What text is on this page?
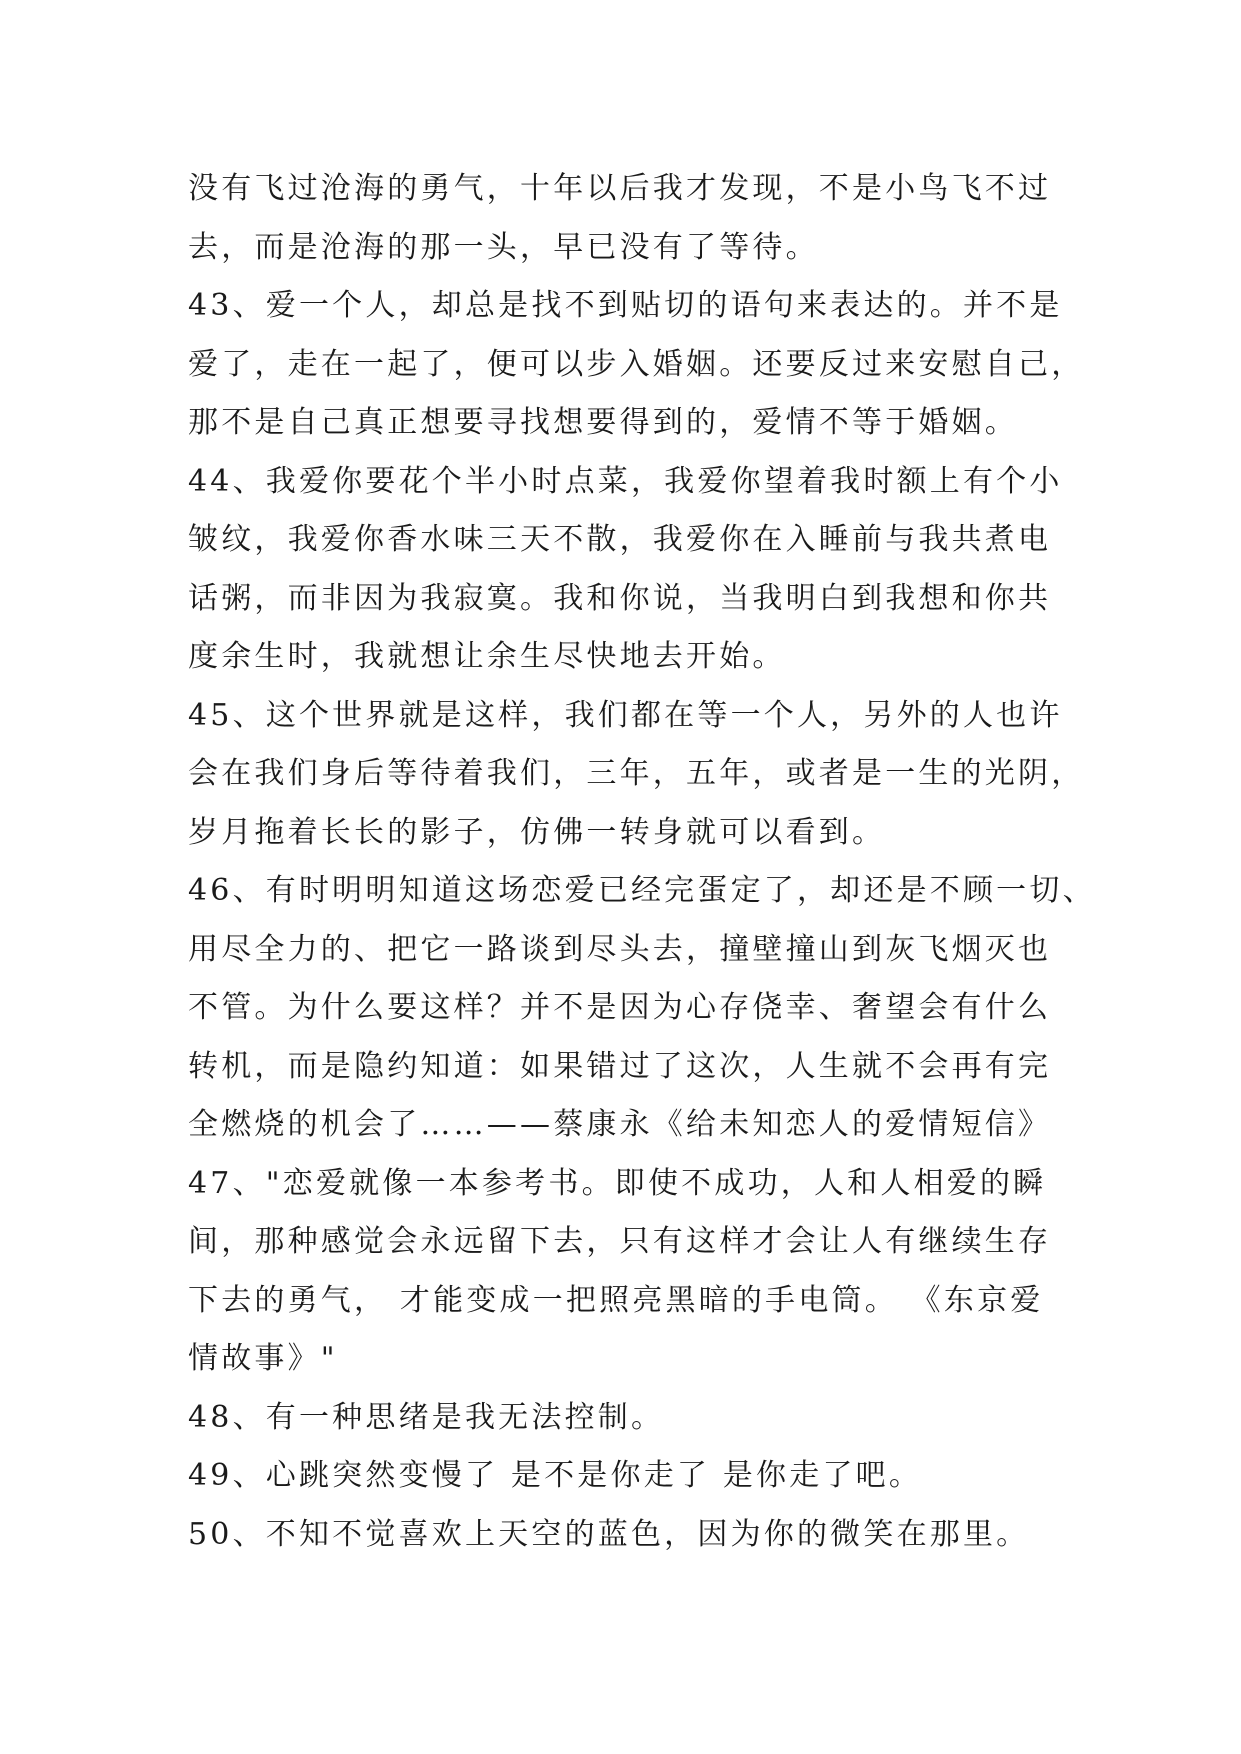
没有飞过沧海的勇气，十年以后我才发现，不是小鸟飞不过
去，而是沧海的那一头，早已没有了等待。
43、爱一个人，却总是找不到贴切的语句来表达的。并不是
爱了，走在一起了，便可以步入婚姻。还要反过来安慰自己，
那不是自己真正想要寻找想要得到的，爱情不等于婚姻。
44、我爱你要花个半小时点菜，我爱你望着我时额上有个小
皱纹，我爱你香水味三天不散，我爱你在入睡前与我共煮电
话粥，而非因为我寂寞。我和你说，当我明白到我想和你共
度余生时，我就想让余生尽快地去开始。
45、这个世界就是这样，我们都在等一个人，另外的人也许
会在我们身后等待着我们，三年，五年，或者是一生的光阴，
岁月拖着长长的影子，仿佛一转身就可以看到。
46、有时明明知道这场恋爱已经完蛋定了，却还是不顾一切、
用尽全力的、把它一路谈到尽头去，撞壁撞山到灰飞烟灭也
不管。为什么要这样？并不是因为心存侥幸、奢望会有什么
转机，而是隐约知道：如果错过了这次，人生就不会再有完
全燃烧的机会了……——蔡康永《给未知恋人的爱情短信》
47、"恋爱就像一本参考书。即使不成功，人和人相爱的瞬
间，那种感觉会永远留下去，只有这样才会让人有继续生存
下去的勇气， 才能变成一把照亮黑暗的手电筒。 《东京爱
情故事》"
48、有一种思绪是我无法控制。
49、心跳突然变慢了 是不是你走了 是你走了吧。
50、不知不觉喜欢上天空的蓝色，因为你的微笑在那里。
